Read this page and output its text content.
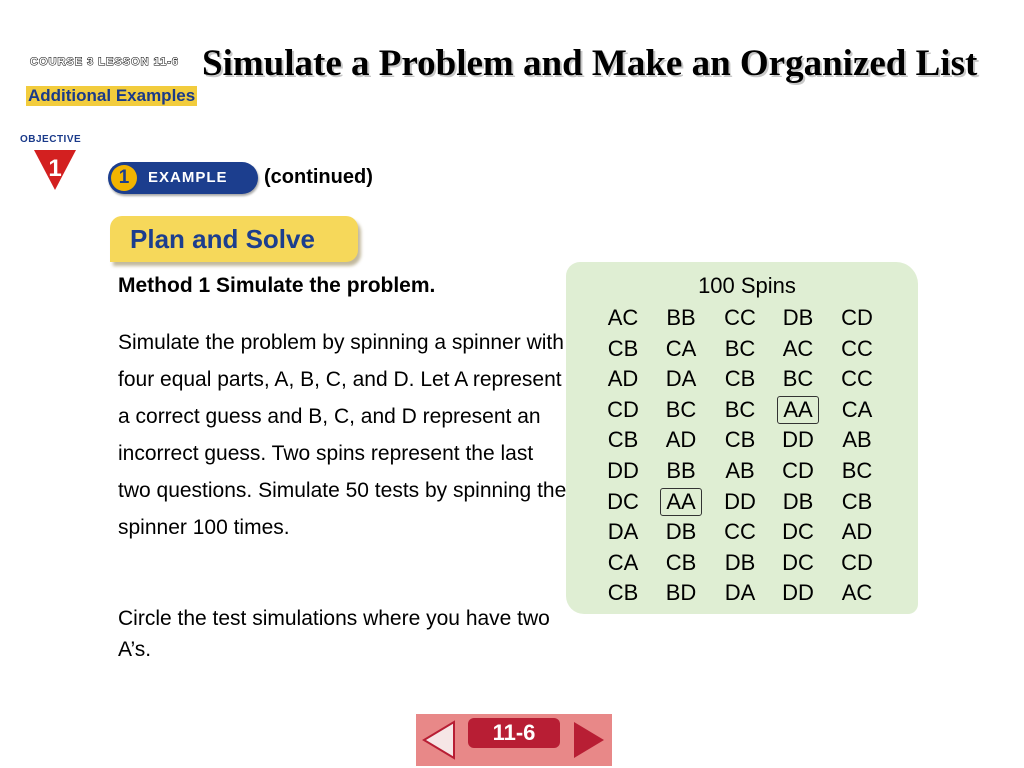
COURSE 3 LESSON 11-6
Additional Examples
Simulate a Problem and Make an Organized List
OBJECTIVE
1	1	EXAMPLE (continued)
Plan and Solve
Method 1 Simulate the problem.
Simulate the problem by spinning a spinner with four equal parts, A, B, C, and D. Let A represent a correct guess and B, C, and D represent an incorrect guess. Two spins represent the last two questions. Simulate 50 tests by spinning the spinner 100 times.
Circle the test simulations where you have two A’s.
100 Spins
AC BB CC DB CD
CB CA BC AC CC
AD DA CB BC CC
CD BC BC AA CA
CB AD CB DD AB
DD BB AB CD BC
DC AA DD DB CB
DA DB CC DC AD
CA CB DB DC CD
CB BD DA DD AC
11-6
